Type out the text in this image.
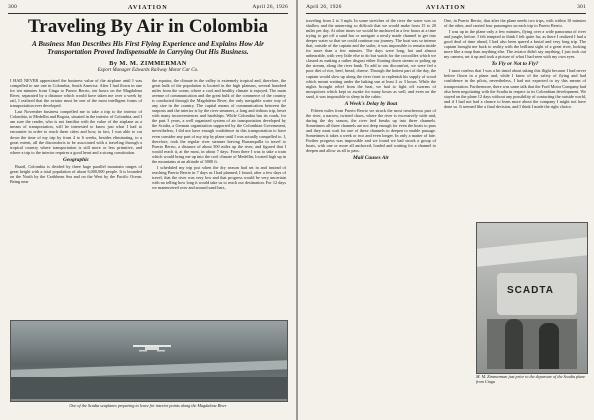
300	AVIATION	April 26, 1926
Traveling By Air in Colombia
A Business Man Describes His First Flying Experience and Explains How Air Transportation Proved Indispensable in Carrying Out His Business.
By M. M. ZIMMERMAN
Export Manager Edwards Railway Motor Car Co.

I HAD NEVER appreciated the business value of the airplane until I was compelled to use one in Colombia, South America. After I had flown in one for ten minutes from Cinga to Puerto Berrio, ten hours on the Magdalena River, separated by a distance which would have taken me over a week by rail, I realized that the aviator must be one of the most intelligent forms of transportation ever developed.

Last November business compelled me to take a trip to the interior of Colombia, to Medellin and Bogota, situated in the interior of Colombia, and I am sure the reader, who is not familiar with the value of the airplane as a means of transportation, will be interested to know just what I had to encounter in order to reach these cities and how, in fact, I was able to cut down the time of my trip by from 4 to 6 weeks, besides eliminating, to a great extent, all the discomforts to be associated with a traveling through a tropical country where transportation is still more or less primitive, and where a trip to the interior requires a good heart and a strong constitution.

Geographic

Brazil, Colombia is divided by three huge parallel mountain ranges of great height with a total population of about 6,000,000 people. It is bounded on the North by the Caribbean Sea and on the West by the Pacific Ocean. Being near

the equator, the climate in the valley is extremely tropical and, therefore, the great bulk of the population is located in the high plateaus, several hundred miles from the ocean, where a cool and healthy climate is enjoyed. The main avenue of communication and the great bulk of the commerce of the country is conducted through the Magdalena River, the only navigable water way of any size in the country. The capital means of communication between the seaports and the interior is by the river steamers, a long and tedious trip, beset with many inconveniences and hardships. While Colombia has its roads, for the past 3 years, a well organized system of air transportation developed by the Scadta, a German organization supported by the Colombian Government, nevertheless, I did not have enough confidence in this transportation to have even consider any part of my trip by plane until I was actually compelled to. I, therefore, took the regular river steamer leaving Barranquilla to travel to Puerto Berrio, a distance of about 500 miles up the river, and figured that I would reach it, at the most, in about 7 days. From there I was to take a train which would bring me up into the cool climate of Medellin, located high up in the mountains at an altitude of 5000 ft.

I scheduled my trip just when the dry season had set in and instead of reaching Puerto Berrio in 7 days as I had planned, I found, after a few days of travel, that the river was very low and that progress would be very uncertain with no telling how long it would take us to reach our destination. For 12 days we maneuvered over and around sand bars,

One of the Scadta seaplanes preparing to leave for interior points along the Magdalena River
April 26, 1926	AVIATION	301

traveling from 2 to 3 mph. In some stretches of the river the water was so shallow and the unnerving so difficult that we would make from 15 to 20 miles per day. At other times we would be anchored in a few hours at a time trying to get off a sand bar or navigate a newly made channel to get into deeper water so that we could continue our journey. The boat was so intense that, outside of the captain and the sailor, it was impossible to remain inside for more than a few minutes. The days were long, hot and almost unbearable, with very little else to do but watch for the crocodiles which we classed as making a rather disgust either floating down stream or poling up the stream, along the river bank. To add to our discomfort, we were fed a poor diet of rice, beef, bread, cheese. Through the hottest part of the day, the captain would slow up along the river front to replenish his supply of wood which meant waiting under the baking sun at least 2 or 3 hours. While the nights brought relief from the heat, we had to fight off swarms of mosquitoes which kept us awake for many hours as well, and even on the sand, it was impossible to sleep in the cabin.

A Week's Delay by Boat

Fifteen miles from Puerto Berrio we struck the most treacherous part of the river, a narrow, twisted chaos, where the river is excessively wide and, during the dry season, the river bed breaks up into three channels. Sometimes all three channels are not deep enough for even the boats to pass and they must wait for one of these channels to deepen to enable passage. Sometimes it takes a week or two and even longer. In only a matter of fate. Further progress was impossible and we found we had struck a group of boats, with one or more all anchored, loaded and waiting for a channel to deepen and allow us all to pass.

Mail Causes Air

One, in Puerto Berrio, that after the plane needs two trips, with within 10 minutes of the other, and carried four passengers on each trip to Puerto Berrio.

I was up in the plane only a few minutes, flying over a wide panorama of river and jungle, before. I felt tempted to think I felt quite far, as there I realized I had a good deal of time ahead, I had also been spared a brutal and very long trip. The captain brought me back to reality with the brilliant sight of a great river, looking more like a map than anything else. The aviator didn't say anything, I just took out my camera, set it up and took a picture of what I had seen with my own eyes.

To Fly or Not to Fly?

I must confess that I was a bit timid about taking this flight because I had never before flown in a plane and, while I knew of the safety of flying and had confidence in the pilots, nevertheless, I had not expected to try this means of transportation. Furthermore, there was some talk that the Ford Motor Company had also been negotiating with the Scadta in respect to its Colombian development. We stayed on the plane 12 days without any possibility of contacting the outside world, and if I had not had a chance to learn more about the company I might not have done so. It seemed like a final decision, and I think I made the right choice.

SCADTA
M. M. Zimmerman just prior to the departure of the Scadta plane from Cinga
